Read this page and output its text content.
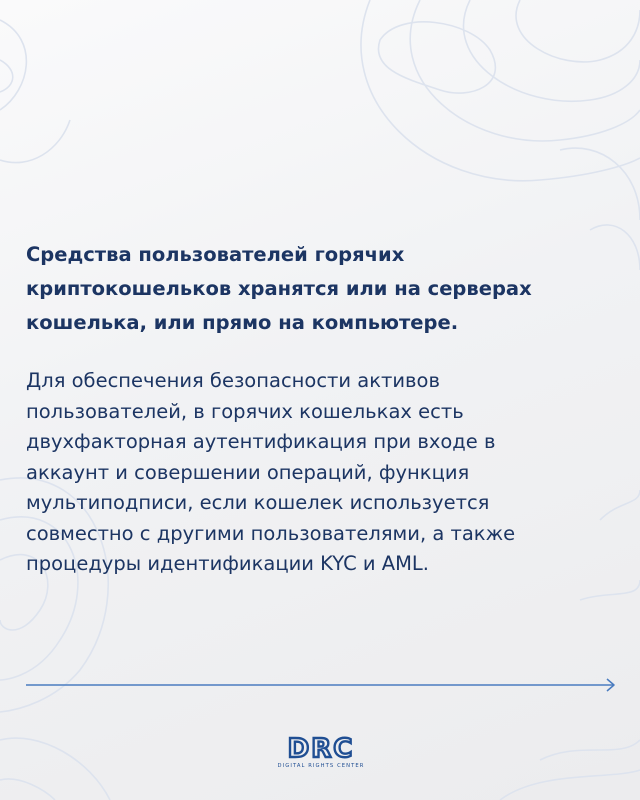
Средства пользователей горячих
криптокошельков хранятся или на серверах
кошелька, или прямо на компьютере.

Для обеспечения безопасности активов
пользователей, в горячих кошельках есть
двухфакторная аутентификация при входе в
аккаунт и совершении операций, функция
мультиподписи, если кошелек используется
совместно с другими пользователями, а также
процедуры идентификации KYC и AML.

DRC
DIGITAL RIGHTS CENTER
